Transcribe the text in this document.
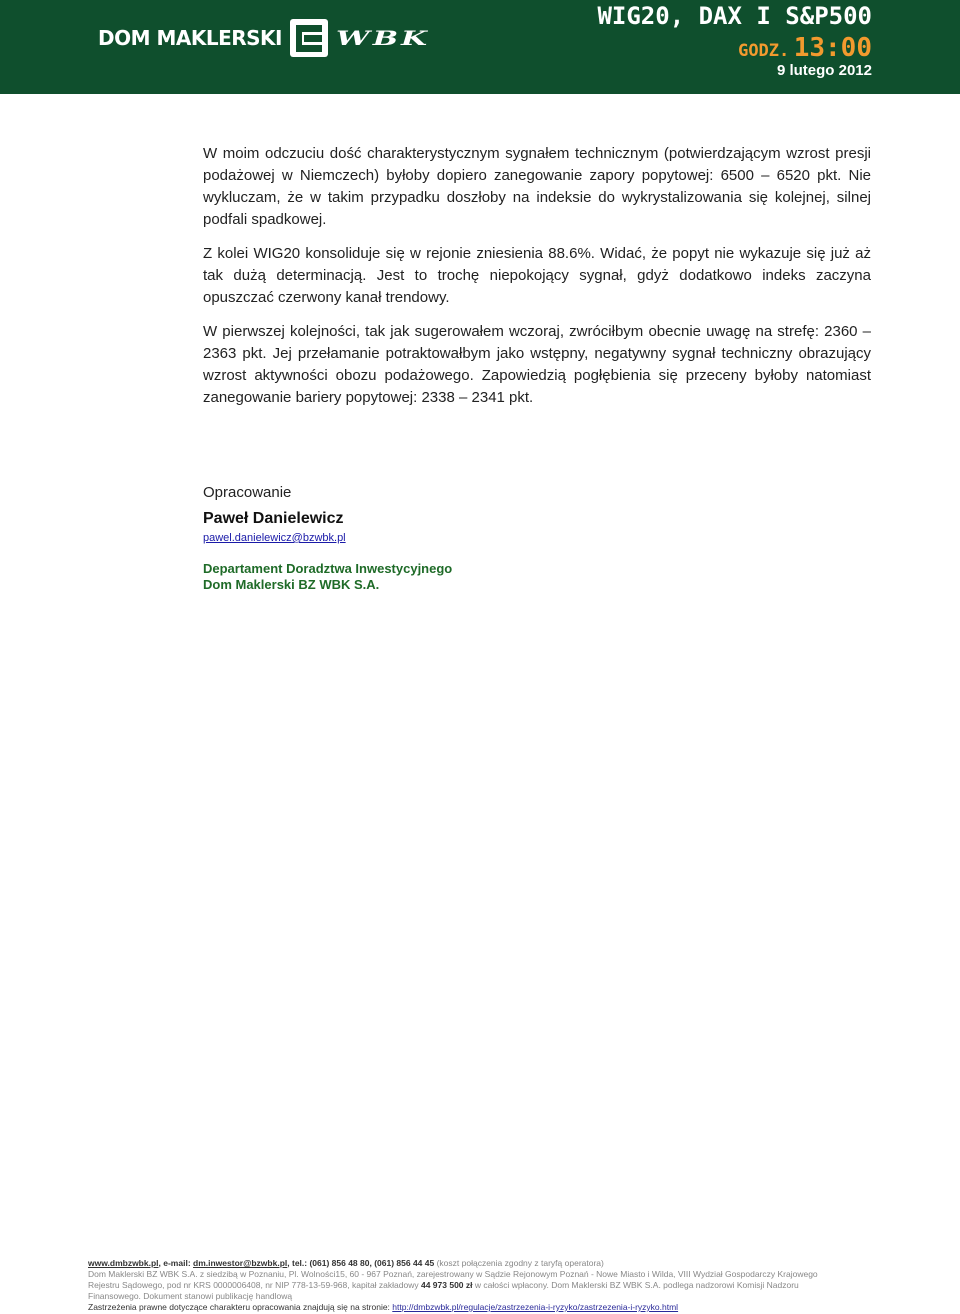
DOM MAKLERSKI	WBK
WIG20, DAX I S&P500
GODZ. 13:00
9 lutego 2012

W moim odczuciu dość charakterystycznym sygnałem technicznym (potwierdzającym wzrost presji podażowej w Niemczech) byłoby dopiero zanegowanie zapory popytowej: 6500 – 6520 pkt. Nie wykluczam, że w takim przypadku doszłoby na indeksie do wykrystalizowania się kolejnej, silnej podfali spadkowej.

Z kolei WIG20 konsoliduje się w rejonie zniesienia 88.6%. Widać, że popyt nie wykazuje się już aż tak dużą determinacją. Jest to trochę niepokojący sygnał, gdyż dodatkowo indeks zaczyna opuszczać czerwony kanał trendowy.

W pierwszej kolejności, tak jak sugerowałem wczoraj, zwróciłbym obecnie uwagę na strefę: 2360 – 2363 pkt. Jej przełamanie potraktowałbym jako wstępny, negatywny sygnał techniczny obrazujący wzrost aktywności obozu podażowego. Zapowiedzią pogłębienia się przeceny byłoby natomiast zanegowanie bariery popytowej: 2338 – 2341 pkt.

Opracowanie
Paweł Danielewicz
pawel.danielewicz@bzwbk.pl
Departament Doradztwa Inwestycyjnego
Dom Maklerski BZ WBK S.A.
www.dmbzwbk.pl, e-mail: dm.inwestor@bzwbk.pl, tel.: (061) 856 48 80, (061) 856 44 45 (koszt połączenia zgodny z taryfą operatora)
Dom Maklerski BZ WBK S.A. z siedzibą w Poznaniu, Pl. Wolności15, 60 - 967 Poznań, zarejestrowany w Sądzie Rejonowym Poznań - Nowe Miasto i Wilda, VIII Wydział Gospodarczy Krajowego
Rejestru Sądowego, pod nr KRS 0000006408, nr NIP 778-13-59-968, kapitał zakładowy 44 973 500 zł w całości wpłacony. Dom Maklerski BZ WBK S.A. podlega nadzorowi Komisji Nadzoru
Finansowego. Dokument stanowi publikację handlową
Zastrzeżenia prawne dotyczące charakteru opracowania znajdują się na stronie: http://dmbzwbk.pl/regulacje/zastrzezenia-i-ryzyko/zastrzezenia-i-ryzyko.html
